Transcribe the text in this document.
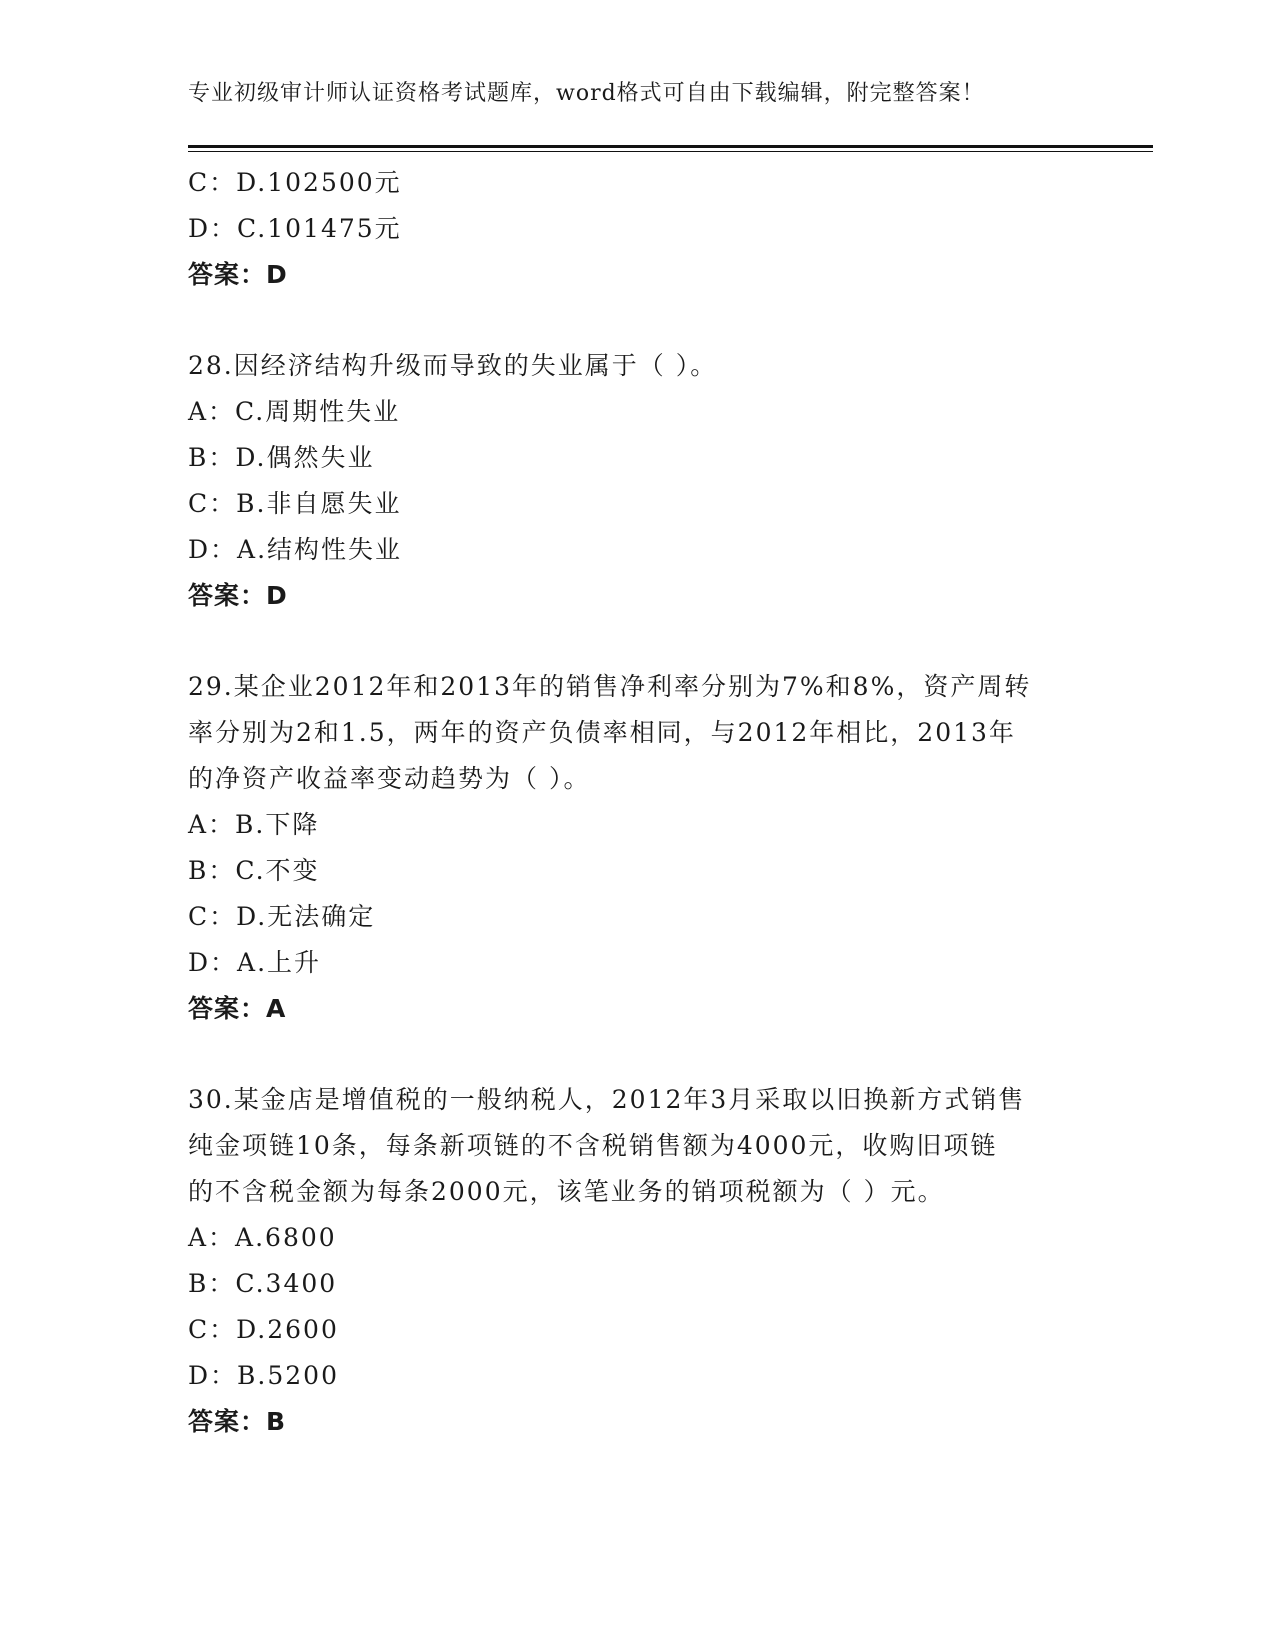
专业初级审计师认证资格考试题库，word格式可自由下载编辑，附完整答案！
C：D.102500元
D：C.101475元
答案：D
28.因经济结构升级而导致的失业属于（ ）。
A：C.周期性失业
B：D.偶然失业
C：B.非自愿失业
D：A.结构性失业
答案：D
29.某企业2012年和2013年的销售净利率分别为7%和8%，资产周转
率分别为2和1.5，两年的资产负债率相同，与2012年相比，2013年
的净资产收益率变动趋势为（ ）。
A：B.下降
B：C.不变
C：D.无法确定
D：A.上升
答案：A
30.某金店是增值税的一般纳税人，2012年3月采取以旧换新方式销售
纯金项链10条，每条新项链的不含税销售额为4000元，收购旧项链
的不含税金额为每条2000元，该笔业务的销项税额为（ ）元。
A：A.6800
B：C.3400
C：D.2600
D：B.5200
答案：B
